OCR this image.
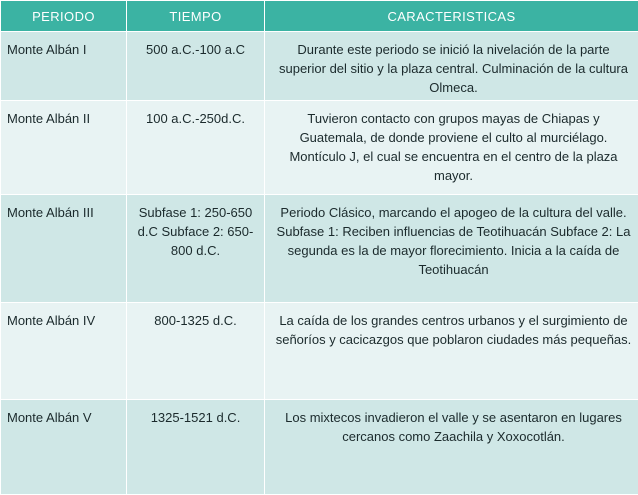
PERIODO	TIEMPO	CARACTERISTICAS
Monte Albán I	500 a.C.-100 a.C	Durante este periodo se inició la nivelación de la parte superior del sitio y la plaza central. Culminación de la cultura Olmeca.
Monte Albán II	100 a.C.-250d.C.	Tuvieron contacto con grupos mayas de Chiapas y Guatemala, de donde proviene el culto al murciélago. Montículo J, el cual se encuentra en el centro de la plaza mayor.
Monte Albán III	Subfase 1: 250-650 d.C Subface 2: 650-800 d.C.	Periodo Clásico, marcando el apogeo de la cultura del valle. Subfase 1: Reciben influencias de Teotihuacán Subface 2: La segunda es la de mayor florecimiento. Inicia a la caída de Teotihuacán
Monte Albán IV	800-1325 d.C.	La caída de los grandes centros urbanos y el surgimiento de señoríos y cacicazgos que poblaron ciudades más pequeñas.
Monte Albán V	1325-1521 d.C.	Los mixtecos invadieron el valle y se asentaron en lugares cercanos como Zaachila y Xoxocotlán.
